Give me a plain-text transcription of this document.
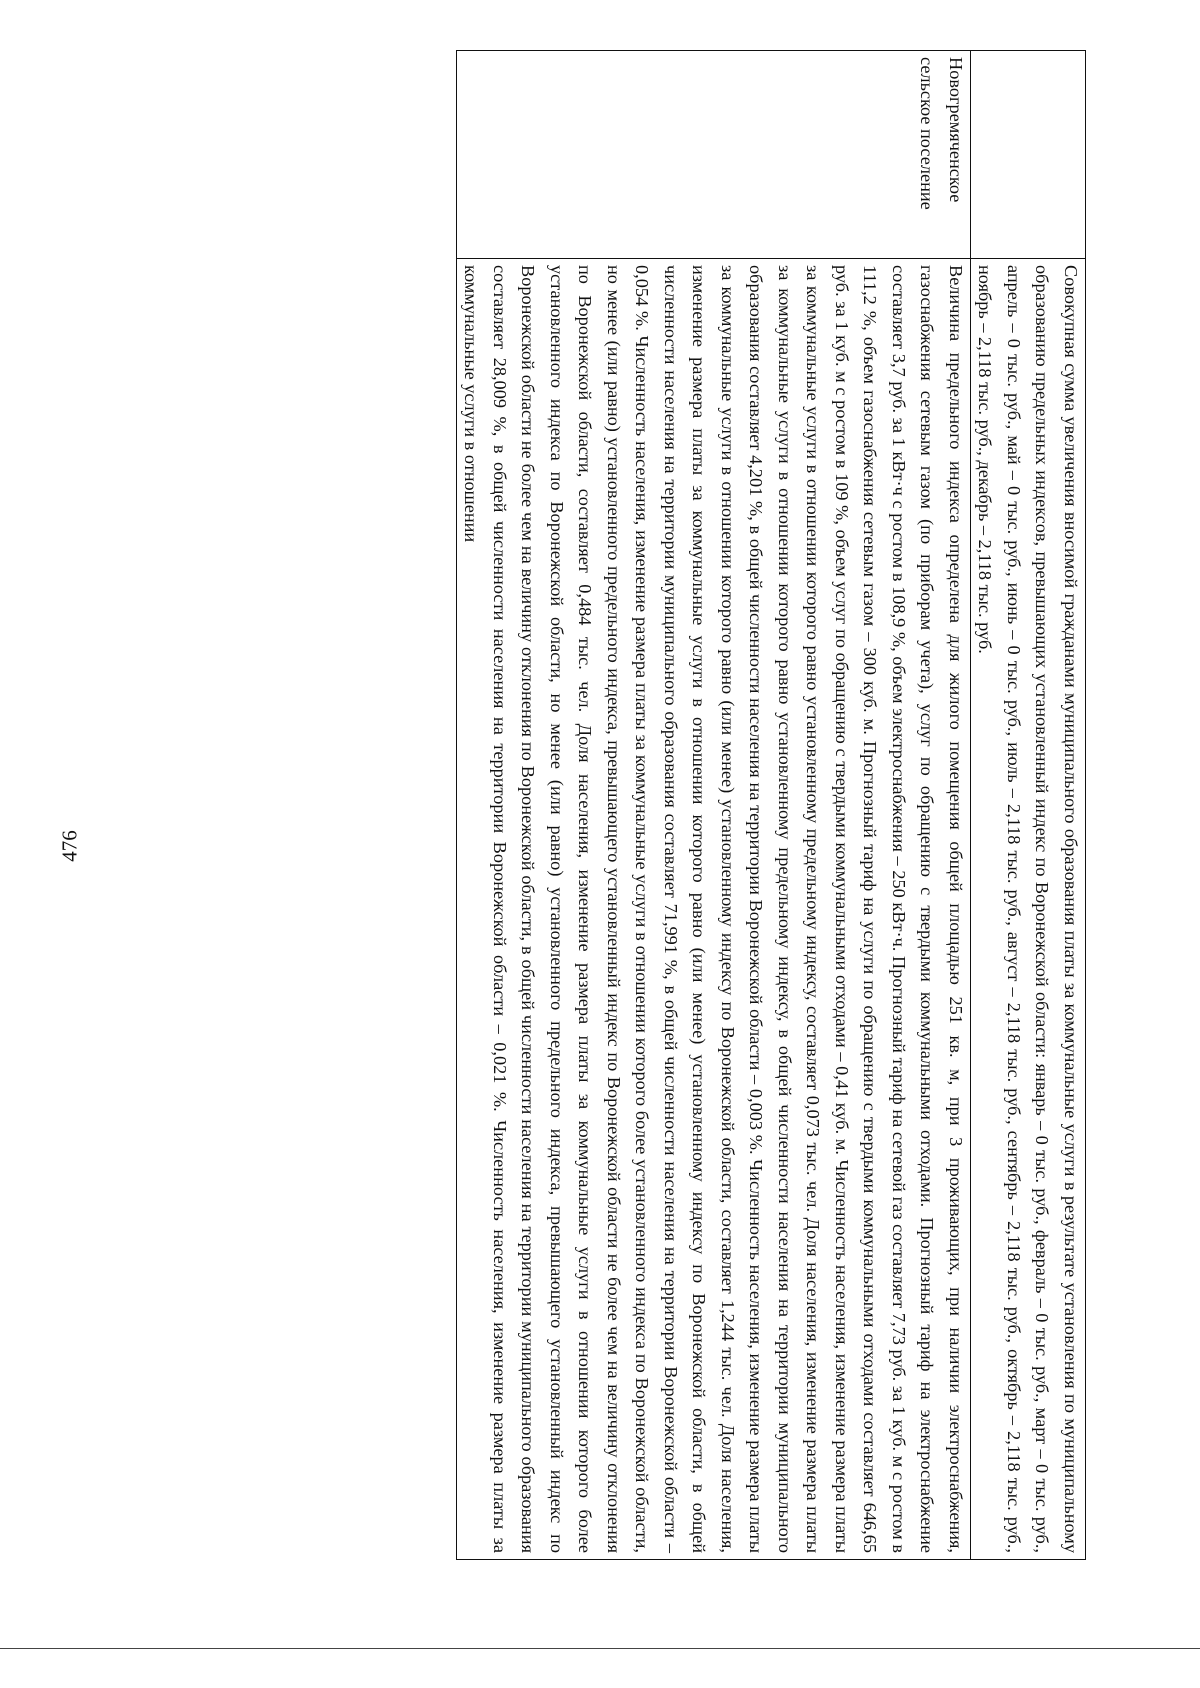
476
		Совокупная сумма увеличения вносимой гражданами муниципального образования платы за коммунальные услуги в результате установления по муниципальному образованию предельных индексов, превышающих установленный индекс по Воронежской области: январь – 0 тыс. руб., февраль – 0 тыс. руб., март – 0 тыс. руб., апрель – 0 тыс. руб., май – 0 тыс. руб., июнь – 0 тыс. руб., июль – 2,118 тыс. руб., август – 2,118 тыс. руб., сентябрь – 2,118 тыс. руб., октябрь – 2,118 тыс. руб., ноябрь – 2,118 тыс. руб., декабрь – 2,118 тыс. руб.
Новогремяченское сельское поселение	Величина предельного индекса определена для жилого помещения общей площадью 251 кв. м, при 3 проживающих, при наличии электроснабжения, газоснабжения сетевым газом (по приборам учета), услуг по обращению с твердыми коммунальными отходами. Прогнозный тариф на электроснабжение составляет 3,7 руб. за 1 кВт·ч с ростом в 108,9 %, объем электроснабжения – 250 кВт·ч. Прогнозный тариф на сетевой газ составляет 7,73 руб. за 1 куб. м с ростом в 111,2 %, объем газоснабжения сетевым газом – 300 куб. м. Прогнозный тариф на услуги по обращению с твердыми коммунальными отходами составляет 646,65 руб. за 1 куб. м с ростом в 109 %, объем услуг по обращению с твердыми коммунальными отходами – 0,41 куб. м. Численность населения, изменение размера платы за коммунальные услуги в отношении которого равно установленному предельному индексу, составляет 0,073 тыс. чел. Доля населения, изменение размера платы за коммунальные услуги в отношении которого равно установленному предельному индексу, в общей численности населения на территории муниципального образования составляет 4,201 %, в общей численности населения на территории Воронежской области – 0,003 %. Численность населения, изменение размера платы за коммунальные услуги в отношении которого равно (или менее) установленному индексу по Воронежской области, составляет 1,244 тыс. чел. Доля населения, изменение размера платы за коммунальные услуги в отношении которого равно (или менее) установленному индексу по Воронежской области, в общей численности населения на территории муниципального образования составляет 71,991 %, в общей численности населения на территории Воронежской области – 0,054 %. Численность населения, изменение размера платы за коммунальные услуги в отношении которого более установленного индекса по Воронежской области, но менее (или равно) установленного предельного индекса, превышающего установленный индекс по Воронежской области не более чем на величину отклонения по Воронежской области, составляет 0,484 тыс. чел. Доля населения, изменение размера платы за коммунальные услуги в отношении которого более установленного индекса по Воронежской области, но менее (или равно) установленного предельного индекса, превышающего установленный индекс по Воронежской области не более чем на величину отклонения по Воронежской области, в общей численности населения на территории муниципального образования составляет 28,009 %, в общей численности населения на территории Воронежской области – 0,021 %. Численность населения, изменение размера платы за коммунальные услуги в отношении
